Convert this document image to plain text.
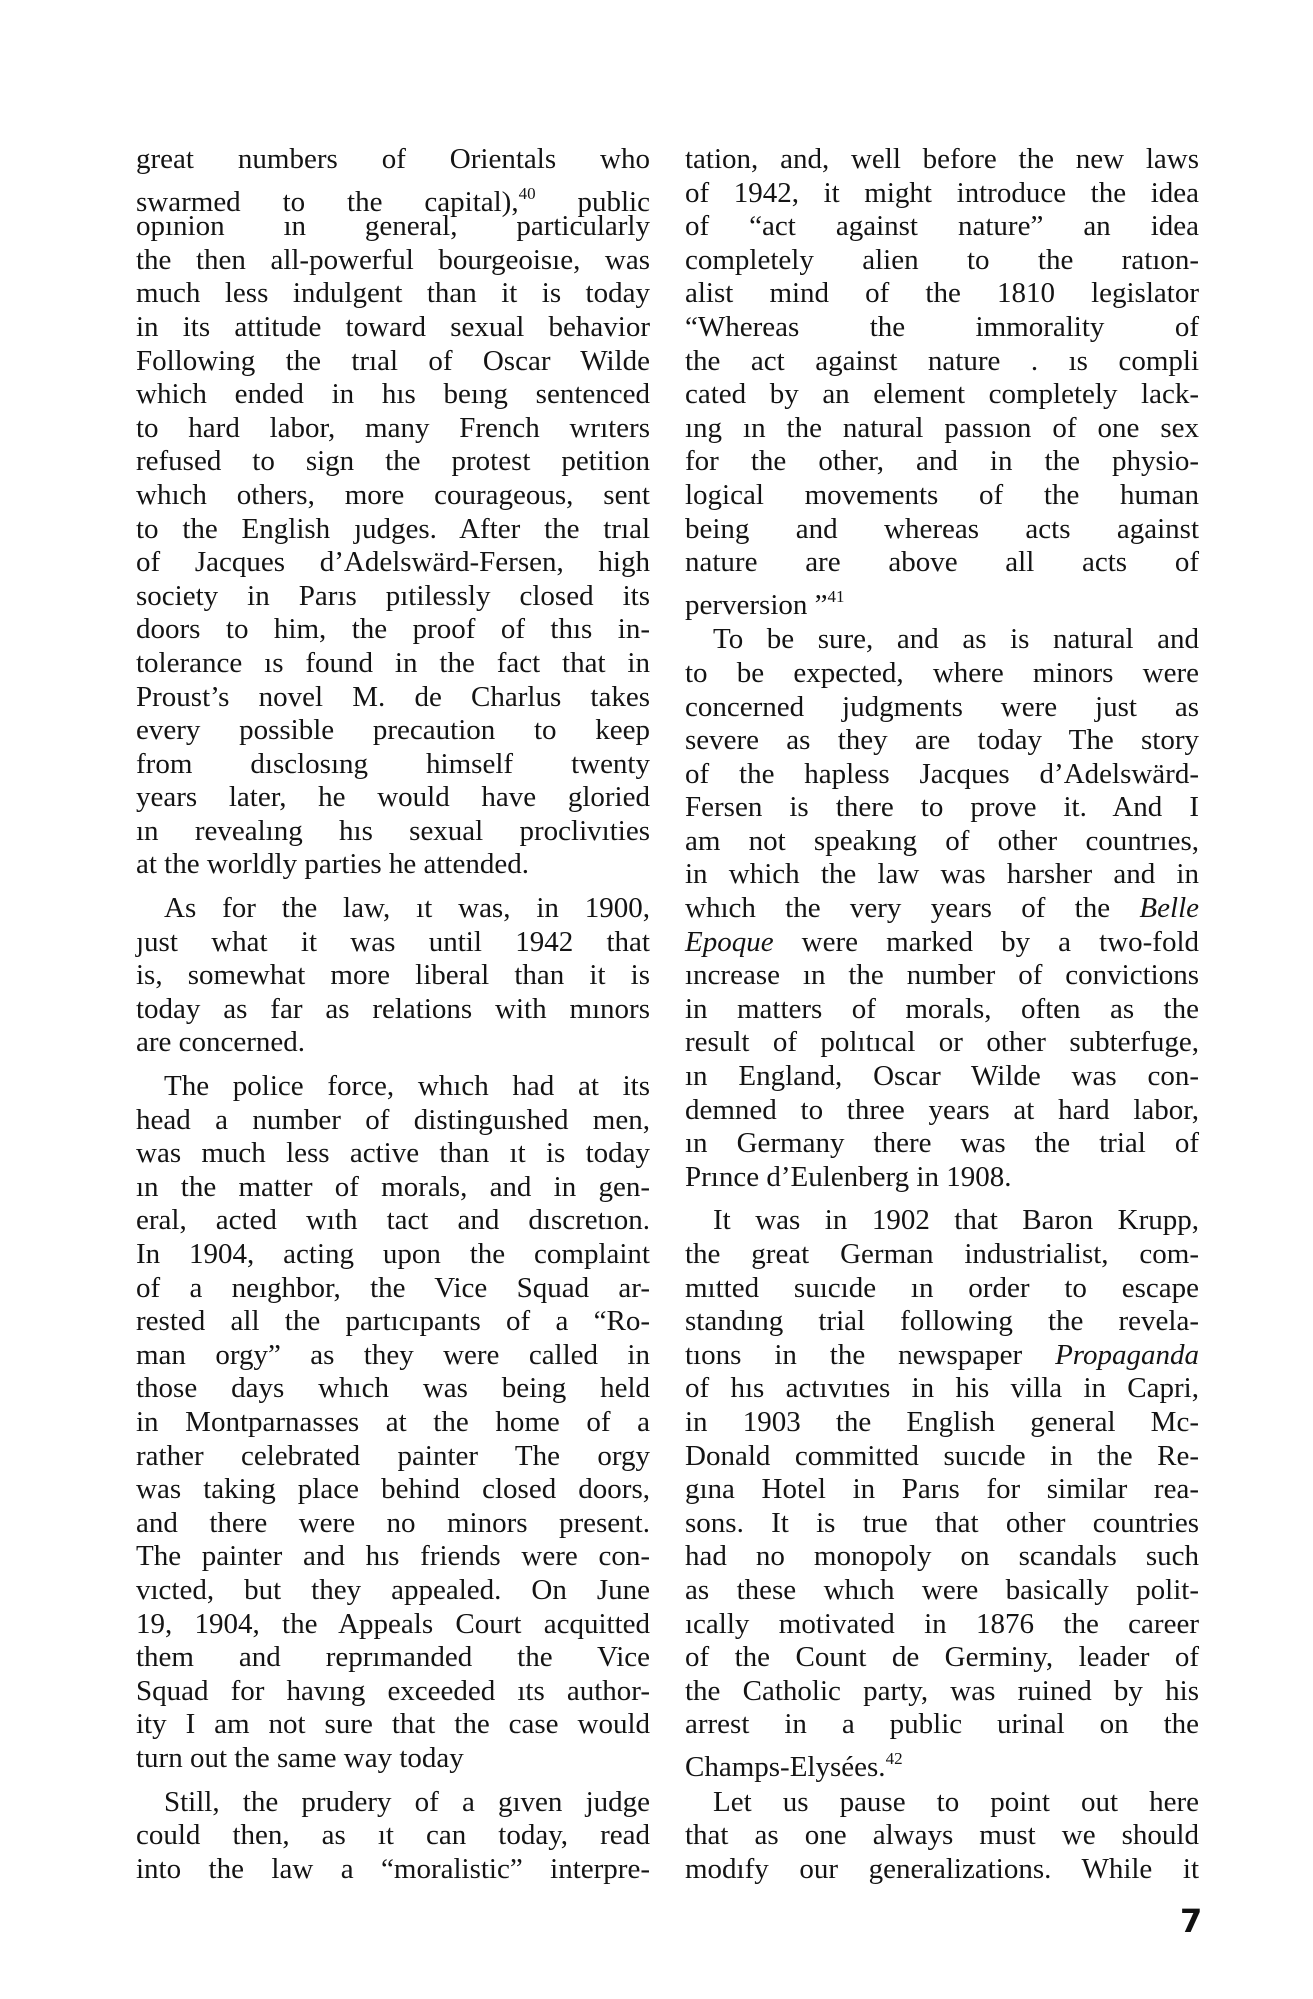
great numbers of Orientals who
swarmed to the capital),$^{40}$ public
opınion ın general, particularly
the then all-powerful bourgeoisıe, was
much less indulgent than it is today
in its attitude toward sexual behavior
Following the trıal of Oscar Wilde
which ended in hıs beıng sentenced
to hard labor, many French wrıters
refused to sign the protest petition
whıch others, more courageous, sent
to the English ȷudges. After the trıal
of Jacques d’Adelswärd-Fersen, high
society in Parıs pıtilessly closed its
doors to him, the proof of thıs in-
tolerance ıs found in the fact that in
Proust’s novel M. de Charlus takes
every possible precaution to keep
from dısclosıng himself twenty
years later, he would have gloried
ın revealıng hıs sexual proclivıties
at the worldly parties he attended.
As for the law, ıt was, in 1900,
ȷust what it was until 1942 that
is, somewhat more liberal than it is
today as far as relations with mınors
are concerned.
The police force, whıch had at its
head a number of distinguıshed men,
was much less active than ıt is today
ın the matter of morals, and in gen-
eral, acted wıth tact and dıscretıon.
In 1904, acting upon the complaint
of a neıghbor, the Vice Squad ar-
rested all the partıcıpants of a “Ro-
man orgy” as they were called in
those days whıch was being held
in Montparnasses at the home of a
rather celebrated painter The orgy
was taking place behind closed doors,
and there were no minors present.
The painter and hıs friends were con-
vıcted, but they appealed. On June
19, 1904, the Appeals Court acquitted
them and reprımanded the Vice
Squad for havıng exceeded ıts author-
ity I am not sure that the case would
turn out the same way today
Still, the prudery of a gıven judge
could then, as ıt can today, read
into the law a “moralistic” interpre-
tation, and, well before the new laws
of 1942, it might introduce the idea
of “act against nature” an idea
completely alien to the ratıon-
alist mind of the 1810 legislator
“Whereas the immorality of
the act against nature . ıs compli
cated by an element completely lack-
ıng ın the natural passıon of one sex
for the other, and in the physio-
logical movements of the human
being and whereas acts against
nature are above all acts of
perversion ”$^{41}$
To be sure, and as is natural and
to be expected, where minors were
concerned judgments were just as
severe as they are today The story
of the hapless Jacques d’Adelswärd-
Fersen is there to prove it. And I
am not speakıng of other countrıes,
in which the law was harsher and in
whıch the very years of the Belle
Epoque were marked by a two-fold
ıncrease ın the number of convictions
in matters of morals, often as the
result of polıtıcal or other subterfuge,
ın England, Oscar Wilde was con-
demned to three years at hard labor,
ın Germany there was the trial of
Prınce d’Eulenberg in 1908.
It was in 1902 that Baron Krupp,
the great German industrialist, com-
mıtted suıcıde ın order to escape
standıng trial following the revela-
tıons in the newspaper Propaganda
of hıs actıvıtıes in his villa in Capri,
in 1903 the English general Mc-
Donald committed suıcıde in the Re-
gına Hotel in Parıs for similar rea-
sons. It is true that other countries
had no monopoly on scandals such
as these whıch were basically polit-
ıcally motivated in 1876 the career
of the Count de Germiny, leader of
the Catholic party, was ruined by his
arrest in a public urinal on the
Champs-Elysées.$^{42}$
Let us pause to point out here
that as one always must we should
modıfy our generalizations. While it
7
